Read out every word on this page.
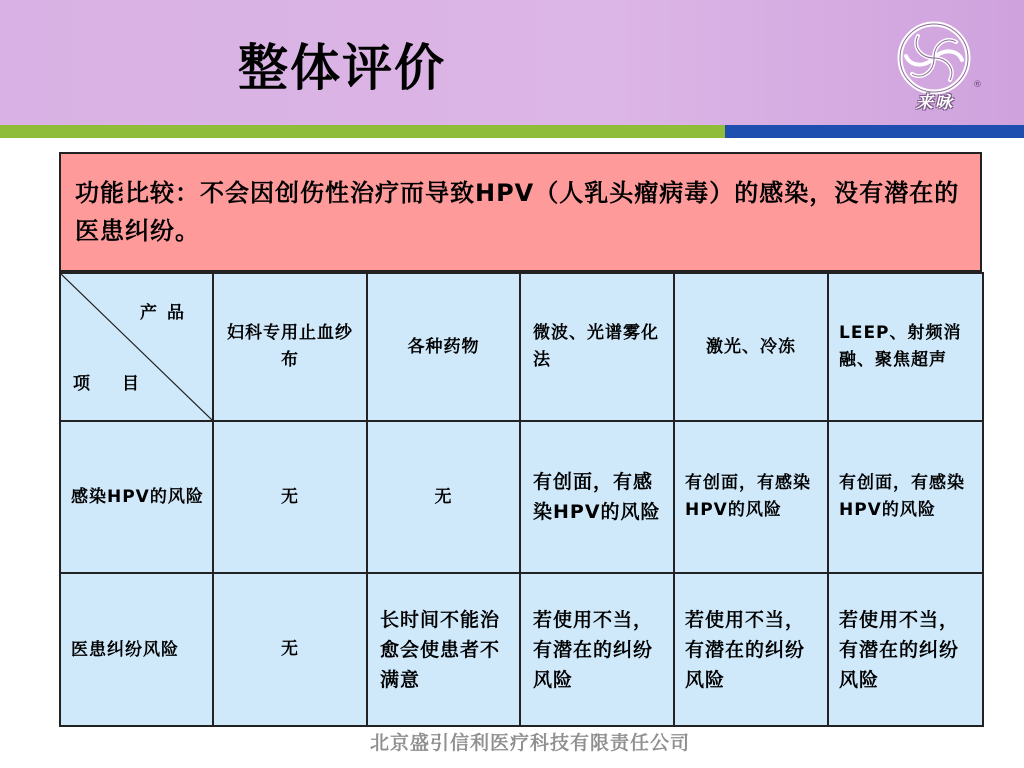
整体评价
来咏
®
功能比较：不会因创伤性治疗而导致HPV（人乳头瘤病毒）的感染，没有潜在的医患纠纷。
产品
项目	妇科专用止血纱布	各种药物	微波、光谱雾化法	激光、冷冻	LEEP、射频消融、聚焦超声
感染HPV的风险	无	无	有创面，有感染HPV的风险	有创面，有感染HPV的风险	有创面，有感染HPV的风险
医患纠纷风险	无	长时间不能治愈会使患者不满意	若使用不当，有潜在的纠纷风险	若使用不当，有潜在的纠纷风险	若使用不当，有潜在的纠纷风险
北京盛引信利医疗科技有限责任公司
